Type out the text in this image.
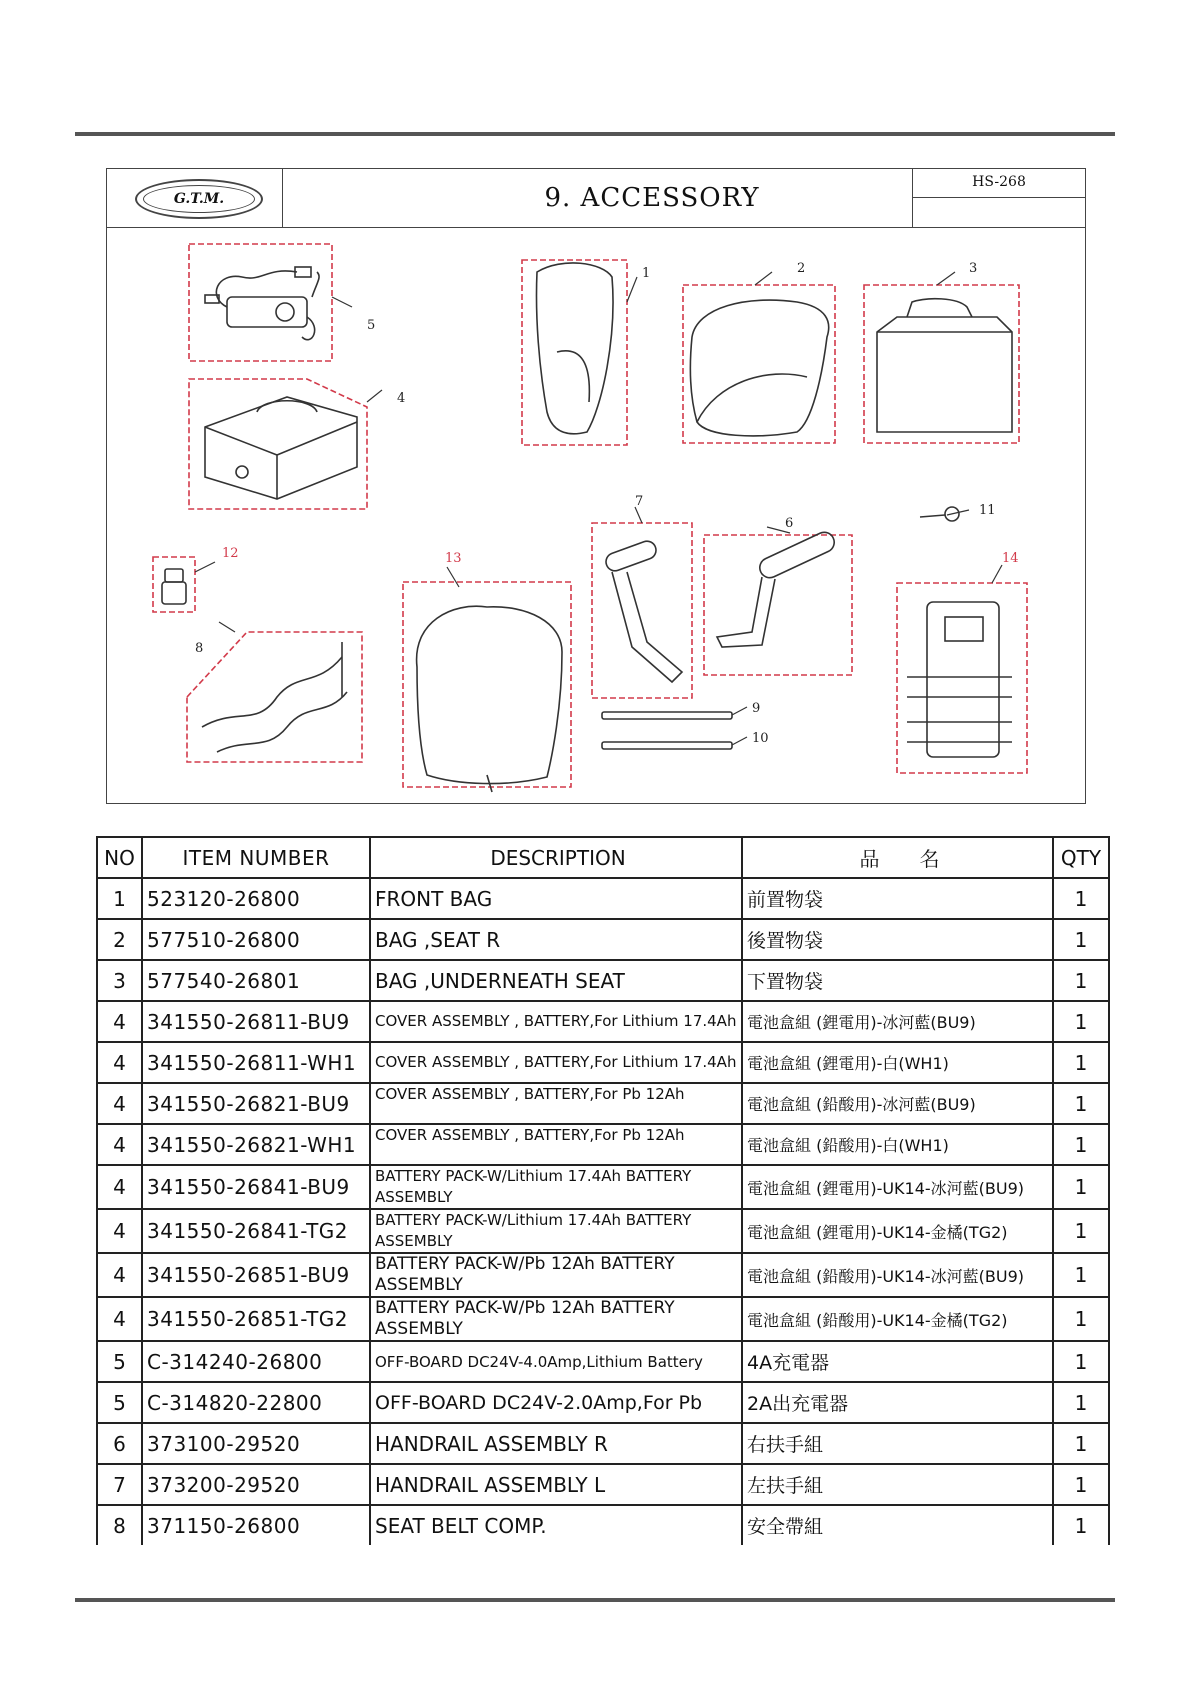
G.T.M.	9. ACCESSORY
HS-268
1	2	3
4
5
6
7
8
9
10
11
12	13	14
NO	ITEM NUMBER	DESCRIPTION	品　　名	QTY
1	523120-26800	FRONT BAG	前置物袋	1
2	577510-26800	BAG ,SEAT R	後置物袋	1
3	577540-26801	BAG ,UNDERNEATH SEAT	下置物袋	1
4	341550-26811-BU9	COVER ASSEMBLY , BATTERY,For Lithium 17.4Ah	電池盒組 (鋰電用)-冰河藍(BU9)	1
4	341550-26811-WH1	COVER ASSEMBLY , BATTERY,For Lithium 17.4Ah	電池盒組 (鋰電用)-白(WH1)	1
4	341550-26821-BU9	COVER ASSEMBLY , BATTERY,For Pb 12Ah	電池盒組 (鉛酸用)-冰河藍(BU9)	1
4	341550-26821-WH1	COVER ASSEMBLY , BATTERY,For Pb 12Ah	電池盒組 (鉛酸用)-白(WH1)	1
4	341550-26841-BU9	BATTERY PACK-W/Lithium 17.4Ah BATTERY ASSEMBLY	電池盒組 (鋰電用)-UK14-冰河藍(BU9)	1
4	341550-26841-TG2	BATTERY PACK-W/Lithium 17.4Ah BATTERY ASSEMBLY	電池盒組 (鋰電用)-UK14-金橘(TG2)	1
4	341550-26851-BU9	BATTERY PACK-W/Pb 12Ah BATTERY ASSEMBLY	電池盒組 (鉛酸用)-UK14-冰河藍(BU9)	1
4	341550-26851-TG2	BATTERY PACK-W/Pb 12Ah BATTERY ASSEMBLY	電池盒組 (鉛酸用)-UK14-金橘(TG2)	1
5	C-314240-26800	OFF-BOARD DC24V-4.0Amp,Lithium Battery	4A充電器	1
5	C-314820-22800	OFF-BOARD DC24V-2.0Amp,For Pb	2A出充電器	1
6	373100-29520	HANDRAIL ASSEMBLY R	右扶手組	1
7	373200-29520	HANDRAIL ASSEMBLY L	左扶手組	1
8	371150-26800	SEAT BELT COMP.	安全帶組	1
